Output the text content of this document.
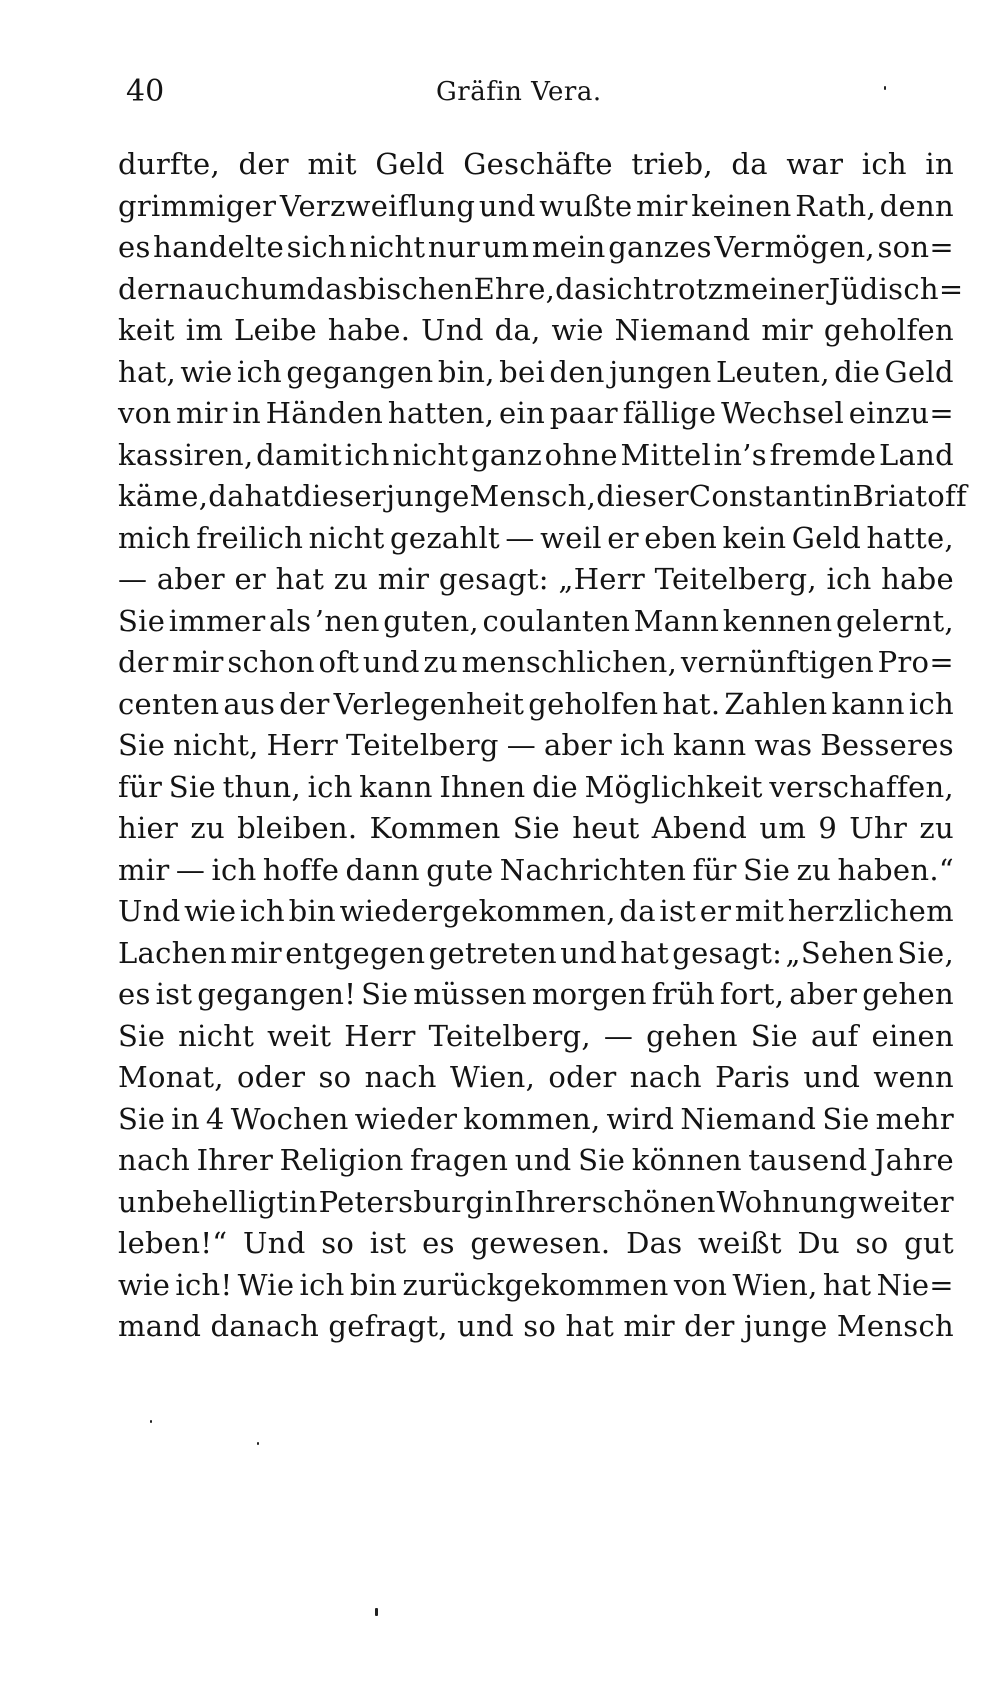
40	Gräfin Vera.
durfte, der mit Geld Geschäfte trieb, da war ich in
grimmiger Verzweiflung und wußte mir keinen Rath, denn
es handelte sich nicht nur um mein ganzes Vermögen, son=
dern auch um das bischen Ehre, das ich trotz meiner Jüdisch=
keit im Leibe habe. Und da, wie Niemand mir geholfen
hat, wie ich gegangen bin, bei den jungen Leuten, die Geld
von mir in Händen hatten, ein paar fällige Wechsel einzu=
kassiren, damit ich nicht ganz ohne Mittel in’s fremde Land
käme, da hat dieser junge Mensch, dieser Constantin Briatoff
mich freilich nicht gezahlt — weil er eben kein Geld hatte,
— aber er hat zu mir gesagt: „Herr Teitelberg, ich habe
Sie immer als ’nen guten, coulanten Mann kennen gelernt,
der mir schon oft und zu menschlichen, vernünftigen Pro=
centen aus der Verlegenheit geholfen hat. Zahlen kann ich
Sie nicht, Herr Teitelberg — aber ich kann was Besseres
für Sie thun, ich kann Ihnen die Möglichkeit verschaffen,
hier zu bleiben. Kommen Sie heut Abend um 9 Uhr zu
mir — ich hoffe dann gute Nachrichten für Sie zu haben.“
Und wie ich bin wiedergekommen, da ist er mit herzlichem
Lachen mir entgegen getreten und hat gesagt: „Sehen Sie,
es ist gegangen! Sie müssen morgen früh fort, aber gehen
Sie nicht weit Herr Teitelberg, — gehen Sie auf einen
Monat, oder so nach Wien, oder nach Paris und wenn
Sie in 4 Wochen wieder kommen, wird Niemand Sie mehr
nach Ihrer Religion fragen und Sie können tausend Jahre
unbehelligt in Petersburg in Ihrer schönen Wohnung weiter
leben!“ Und so ist es gewesen. Das weißt Du so gut
wie ich! Wie ich bin zurückgekommen von Wien, hat Nie=
mand danach gefragt, und so hat mir der junge Mensch
